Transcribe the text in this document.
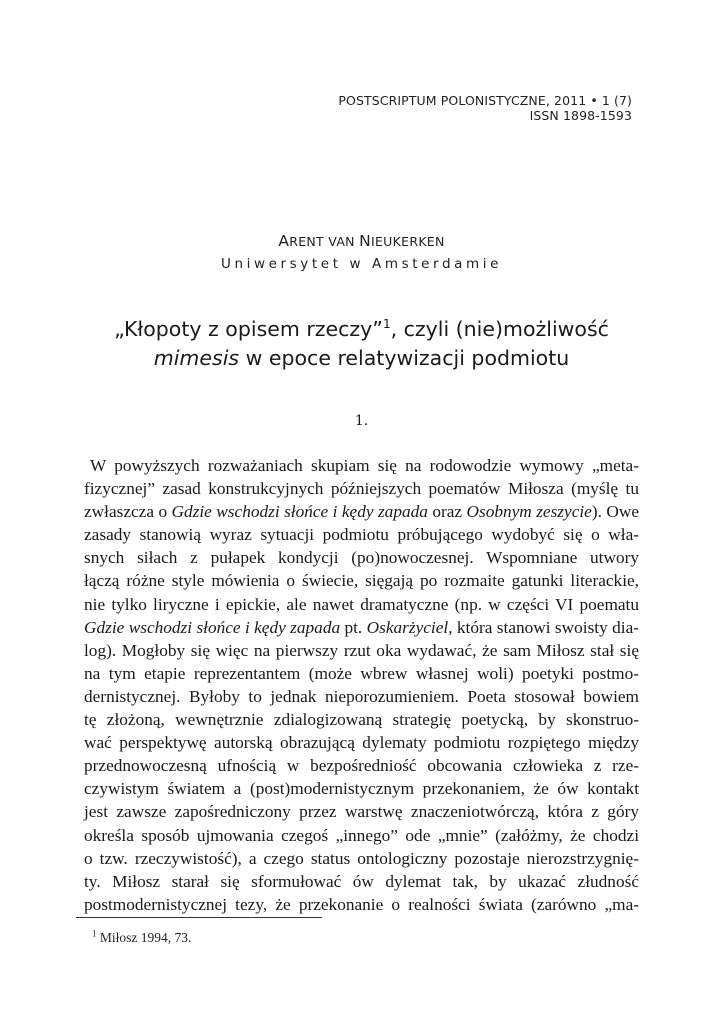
POSTSCRIPTUM POLONISTYCZNE, 2011 • 1 (7)
ISSN 1898-1593
ARENT VAN NIEUKERKEN
Uniwersytet w Amsterdamie
„Kłopoty z opisem rzeczy”$^1$, czyli (nie)możliwość
mimesis w epoce relatywizacji podmiotu
1.
W powyższych rozważaniach skupiam się na rodowodzie wymowy „meta-
fizycznej” zasad konstrukcyjnych późniejszych poematów Miłosza (myślę tu
zwłaszcza o Gdzie wschodzi słońce i kędy zapada oraz Osobnym zeszycie). Owe
zasady stanowią wyraz sytuacji podmiotu próbującego wydobyć się o wła-
snych siłach z pułapek kondycji (po)nowoczesnej. Wspomniane utwory
łączą różne style mówienia o świecie, sięgają po rozmaite gatunki literackie,
nie tylko liryczne i epickie, ale nawet dramatyczne (np. w części VI poematu
Gdzie wschodzi słońce i kędy zapada pt. Oskarżyciel, która stanowi swoisty dia-
log). Mogłoby się więc na pierwszy rzut oka wydawać, że sam Miłosz stał się
na tym etapie reprezentantem (może wbrew własnej woli) poetyki postmo-
dernistycznej. Byłoby to jednak nieporozumieniem. Poeta stosował bowiem
tę złożoną, wewnętrznie zdialogizowaną strategię poetycką, by skonstruo-
wać perspektywę autorską obrazującą dylematy podmiotu rozpiętego między
przednowoczesną ufnością w bezpośredniość obcowania człowieka z rze-
czywistym światem a (post)modernistycznym przekonaniem, że ów kontakt
jest zawsze zapośredniczony przez warstwę znaczeniotwórczą, która z góry
określa sposób ujmowania czegoś „innego” ode „mnie” (załóżmy, że chodzi
o tzw. rzeczywistość), a czego status ontologiczny pozostaje nierozstrzygnię-
ty. Miłosz starał się sformułować ów dylemat tak, by ukazać złudność
postmodernistycznej tezy, że przekonanie o realności świata (zarówno „ma-
$^1$ Miłosz 1994, 73.
